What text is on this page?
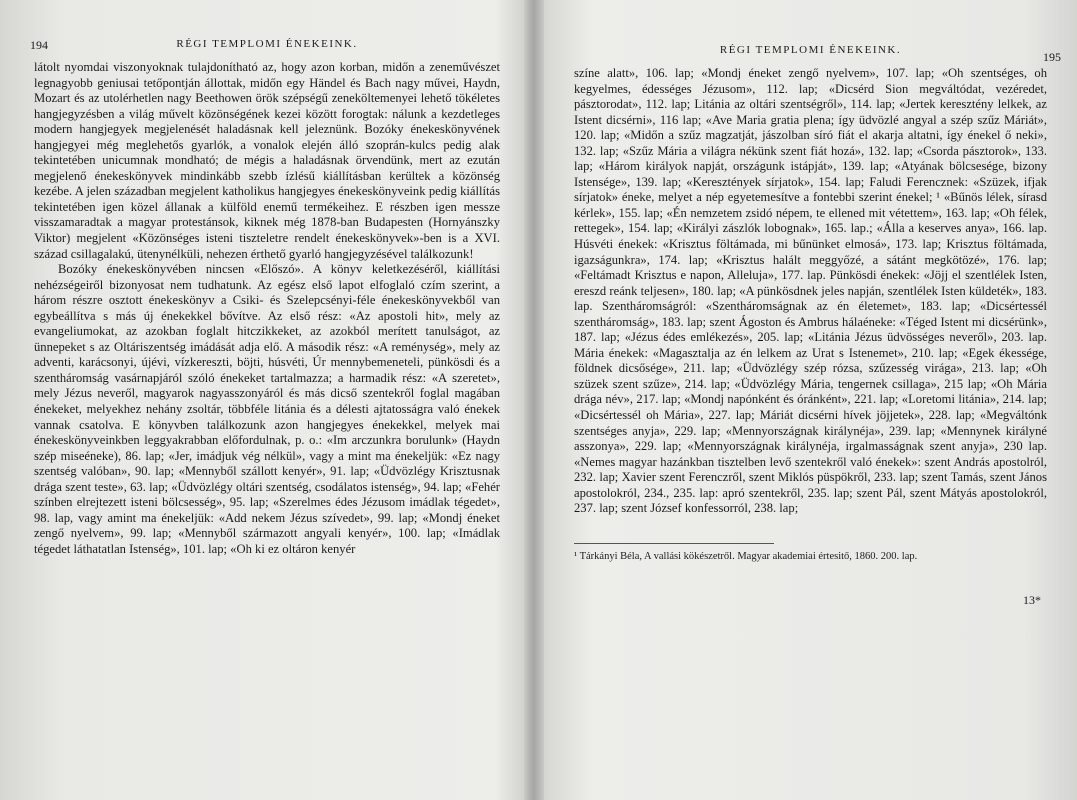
194	RÉGI TEMPLOMI ÉNEKEINK.

látolt nyomdai viszonyoknak tulajdonítható az, hogy azon korban, midőn a zeneművészet legnagyobb geniusai tetőpontján állottak, midőn egy Händel és Bach nagy művei, Haydn, Mozart és az utolérhetlen nagy Beethowen örök szépségű zeneköltemenyei lehető tökéletes hangjegyzésben a világ művelt közönségének kezei között forogtak: nálunk a kezdetleges modern hangjegyek megjelenését haladásnak kell jeleznünk. Bozóky énekeskönyvének hangjegyei még meglehetős gyarlók, a vonalok elején álló szoprán-kulcs pedig alak tekintetében unicumnak mondható; de mégis a haladásnak örvendünk, mert az ezután megjelenő énekeskönyvek mindinkább szebb ízlésű kiállításban kerültek a közönség kezébe. A jelen században megjelent katholikus hangjegyes énekeskönyveink pedig kiállítás tekintetében igen közel állanak a külföld enemű termékeihez. E részben igen messze visszamaradtak a magyar protestánsok, kiknek még 1878-ban Budapesten (Hornyánszky Viktor) megjelent «Közönséges isteni tiszteletre rendelt énekeskönyvek»-ben is a XVI. század csillagalakú, ütenynélküli, nehezen érthető gyarló hangjegyzésével találkozunk!

Bozóky énekeskönyvében nincsen «Előszó». A könyv keletkezéséről, kiállítási nehézségeiről bizonyosat nem tudhatunk. Az egész első lapot elfoglaló czím szerint, a három részre osztott énekeskönyv a Csiki- és Szelepcsényi-féle énekeskönyvekből van egybeállítva s más új énekekkel bővítve. Az első rész: «Az apostoli hit», mely az evangeliumokat, az azokban foglalt hitczikkeket, az azokból merített tanulságot, az ünnepeket s az Oltáriszentség imádását adja elő. A második rész: «A reménység», mely az adventi, karácsonyi, újévi, vízkereszti, böjti, húsvéti, Úr mennybemeneteli, pünkösdi és a szentháromság vasárnapjáról szóló énekeket tartalmazza; a harmadik rész: «A szeretet», mely Jézus neveről, magyarok nagyasszonyáról és más dicső szentekről foglal magában énekeket, melyekhez nehány zsoltár, többféle litánia és a délesti ajtatosságra való énekek vannak csatolva. E könyvben találkozunk azon hangjegyes énekekkel, melyek mai énekeskönyveinkben leggyakrabban előfordulnak, p. o.: «Im arczunkra borulunk» (Haydn szép miseéneke), 86. lap; «Jer, imádjuk vég nélkül», vagy a mint ma énekeljük: «Ez nagy szentség valóban», 90. lap; «Mennyből szállott kenyér», 91. lap; «Üdvözlégy Krisztusnak drága szent teste», 63. lap; «Üdvözlégy oltári szentség, csodálatos istenség», 94. lap; «Fehér színben elrejtezett isteni bölcsesség», 95. lap; «Szerelmes édes Jézusom imádlak tégedet», 98. lap, vagy amint ma énekeljük: «Add nekem Jézus szívedet», 99. lap; «Mondj éneket zengő nyelvem», 99. lap; «Mennyből származott angyali kenyér», 100. lap; «Imádlak tégedet láthatatlan Istenség», 101. lap; «Oh ki ez oltáron kenyér

RÉGI TEMPLOMI ÉNEKEINK.	195

színe alatt», 106. lap; «Mondj éneket zengő nyelvem», 107. lap; «Oh szentséges, oh kegyelmes, édességes Jézusom», 112. lap; «Dicsérd Sion megváltódat, vezéredet, pásztorodat», 112. lap; Litánia az oltári szentségről», 114. lap; «Jertek keresztény lelkek, az Istent dicsérni», 116 lap; «Ave Maria gratia plena; így üdvözlé angyal a szép szűz Máriát», 120. lap; «Midőn a szűz magzatját, jászolban síró fiát el akarja altatni, így énekel ő neki», 132. lap; «Szűz Mária a világra nékünk szent fiát hozá», 132. lap; «Csorda pásztorok», 133. lap; «Három királyok napját, országunk istápját», 139. lap; «Atyának bölcsesége, bizony Istensége», 139. lap; «Keresztények sírjatok», 154. lap; Faludi Ferencznek: «Szüzek, ifjak sírjatok» éneke, melyet a nép egyetemesítve a fontebbi szerint énekel; ¹ «Bűnös lélek, sírasd kérlek», 155. lap; «Én nemzetem zsidó népem, te ellened mit vétettem», 163. lap; «Oh félek, rettegek», 154. lap; «Királyi zászlók lobognak», 165. lap.; «Álla a keserves anya», 166. lap. Húsvéti énekek: «Krisztus föltámada, mi bűnünket elmosá», 173. lap; Krisztus föltámada, igazságunkra», 174. lap; «Krisztus halált meggyőzé, a sátánt megkötözé», 176. lap; «Feltámadt Krisztus e napon, Alleluja», 177. lap. Pünkösdi énekek: «Jöjj el szentlélek Isten, ereszd reánk teljesen», 180. lap; «A pünkösdnek jeles napján, szentlélek Isten küldeték», 183. lap. Szentháromságról: «Szentháromságnak az én életemet», 183. lap; «Dicsértessél szentháromság», 183. lap; szent Ágoston és Ambrus hálaéneke: «Téged Istent mi dicsérünk», 187. lap; «Jézus édes emlékezés», 205. lap; «Litánia Jézus üdvösséges neveről», 203. lap. Mária énekek: «Magasztalja az én lelkem az Urat s Istenemet», 210. lap; «Egek ékessége, földnek dicsősége», 211. lap; «Üdvözlégy szép rózsa, szűzesség virága», 213. lap; «Oh szüzek szent szűze», 214. lap; «Üdvözlégy Mária, tengernek csillaga», 215 lap; «Oh Mária drága név», 217. lap; «Mondj napónként és óránként», 221. lap; «Loretomi litánia», 214. lap; «Dicsértessél oh Mária», 227. lap; Máriát dicsérni hívek jöjjetek», 228. lap; «Megváltónk szentséges anyja», 229. lap; «Mennyországnak királynéja», 239. lap; «Mennynek királyné asszonya», 229. lap; «Mennyországnak királynéja, irgalmasságnak szent anyja», 230 lap. «Nemes magyar hazánkban tisztelben levő szentekről való énekek»: szent András apostolról, 232. lap; Xavier szent Ferenczről, szent Miklós püspökről, 233. lap; szent Tamás, szent János apostolokról, 234., 235. lap: apró szentekről, 235. lap; szent Pál, szent Mátyás apostolokról, 237. lap; szent József konfessorról, 238. lap;

¹ Tárkányi Béla, A vallási kökészetről. Magyar akademiai értesitő, 1860. 200. lap.
13*
